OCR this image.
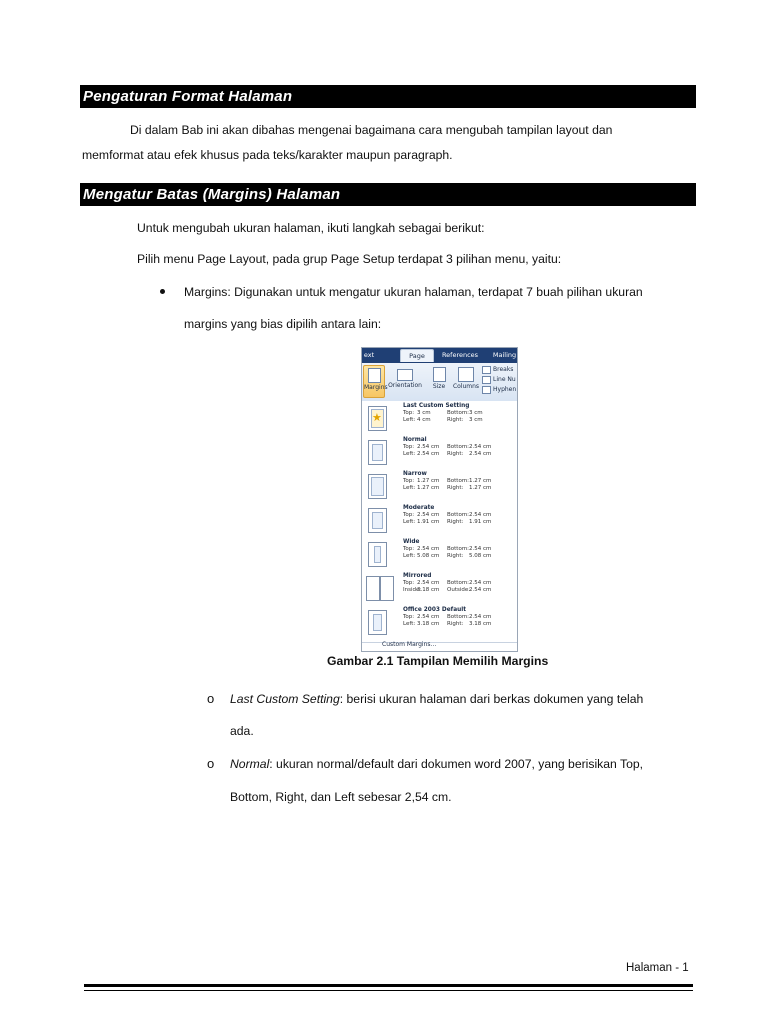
Pengaturan Format Halaman
Di dalam Bab ini akan dibahas mengenai bagaimana cara mengubah tampilan layout dan
memformat atau efek khusus pada teks/karakter maupun paragraph.
Mengatur Batas (Margins) Halaman
Untuk mengubah ukuran halaman, ikuti langkah sebagai berikut:
Pilih menu Page Layout, pada grup Page Setup terdapat 3 pilihan menu, yaitu:
Margins: Digunakan untuk mengatur ukuran halaman, terdapat 7 buah pilihan ukuran
margins yang bias dipilih antara lain:
ext	Page	References	Mailing
Margins Orientation	Size	Columns
Breaks
Line Nu
Hyphen
★
Last Custom Setting
Top: 3 cm	Bottom:3 cm
Left: 4 cm	Right: 3 cm
Normal
Top: 2.54 cm Bottom:2.54 cm
Left: 2.54 cm Right: 2.54 cm
Narrow
Top: 1.27 cm Bottom:1.27 cm
Left: 1.27 cm Right: 1.27 cm
Moderate
Top: 2.54 cm Bottom:2.54 cm
Left: 1.91 cm Right: 1.91 cm
Wide
Top: 2.54 cm Bottom:2.54 cm
Left: 5.08 cm Right: 5.08 cm
Mirrored
Top: 2.54 cm Bottom:2.54 cm
Inside:3.18 cm Outside:2.54 cm
Office 2003 Default
Top: 2.54 cm Bottom:2.54 cm
Left: 3.18 cm Right: 3.18 cm
Custom Margins...
Gambar 2.1 Tampilan Memilih Margins
o Last Custom Setting: berisi ukuran halaman dari berkas dokumen yang telah
ada.
o Normal: ukuran normal/default dari dokumen word 2007, yang berisikan Top,
Bottom, Right, dan Left sebesar 2,54 cm.
Halaman - 1
